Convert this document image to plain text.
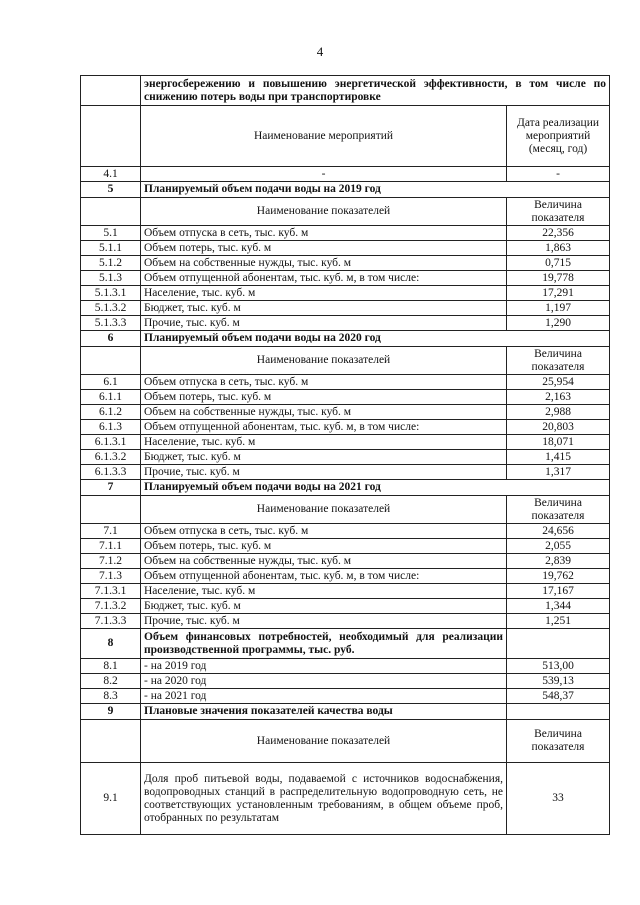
4
	энергосбережению и повышению энергетической эффективности, в том числе по снижению потерь воды при транспортировке	
	Наименование мероприятий	Дата реализации мероприятий (месяц, год)
4.1	-	-
5	Планируемый объем подачи воды на 2019 год	
	Наименование показателей	Величина показателя
5.1	Объем отпуска в сеть, тыс. куб. м	22,356
5.1.1	Объем потерь, тыс. куб. м	1,863
5.1.2	Объем на собственные нужды, тыс. куб. м	0,715
5.1.3	Объем отпущенной абонентам, тыс. куб. м, в том числе:	19,778
5.1.3.1	Население, тыс. куб. м	17,291
5.1.3.2	Бюджет, тыс. куб. м	1,197
5.1.3.3	Прочие, тыс. куб. м	1,290
6	Планируемый объем подачи воды на 2020 год	
	Наименование показателей	Величина показателя
6.1	Объем отпуска в сеть, тыс. куб. м	25,954
6.1.1	Объем потерь, тыс. куб. м	2,163
6.1.2	Объем на собственные нужды, тыс. куб. м	2,988
6.1.3	Объем отпущенной абонентам, тыс. куб. м, в том числе:	20,803
6.1.3.1	Население, тыс. куб. м	18,071
6.1.3.2	Бюджет, тыс. куб. м	1,415
6.1.3.3	Прочие, тыс. куб. м	1,317
7	Планируемый объем подачи воды на 2021 год	
	Наименование показателей	Величина показателя
7.1	Объем отпуска в сеть, тыс. куб. м	24,656
7.1.1	Объем потерь, тыс. куб. м	2,055
7.1.2	Объем на собственные нужды, тыс. куб. м	2,839
7.1.3	Объем отпущенной абонентам, тыс. куб. м, в том числе:	19,762
7.1.3.1	Население, тыс. куб. м	17,167
7.1.3.2	Бюджет, тыс. куб. м	1,344
7.1.3.3	Прочие, тыс. куб. м	1,251
8	Объем финансовых потребностей, необходимый для реализации производственной программы, тыс. руб.	
8.1	- на 2019 год	513,00
8.2	- на 2020 год	539,13
8.3	- на 2021 год	548,37
9	Плановые значения показателей качества воды	
	Наименование показателей	Величина показателя
9.1	Доля проб питьевой воды, подаваемой с источников водоснабжения, водопроводных станций в распределительную водопроводную сеть, не соответствующих установленным требованиям, в общем объеме проб, отобранных по результатам	33
